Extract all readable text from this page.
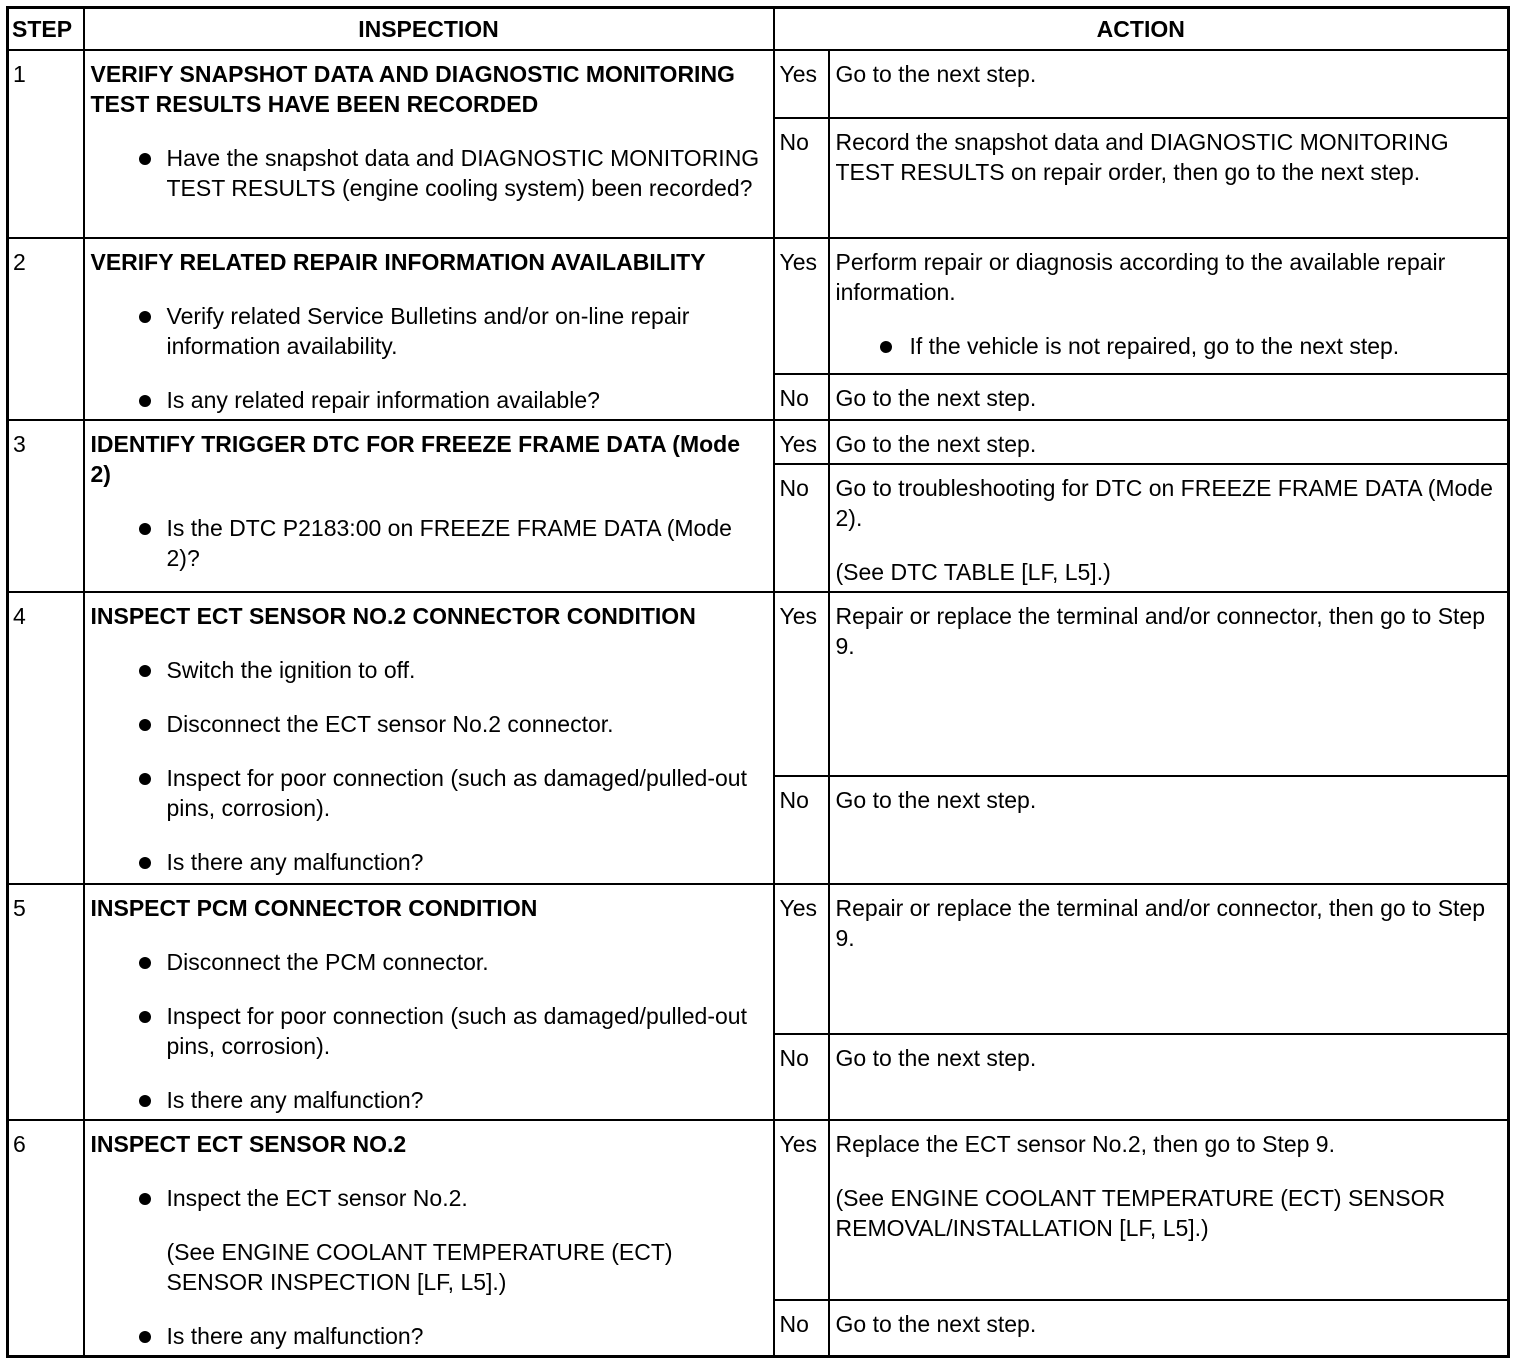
STEP	INSPECTION	ACTION	
1	VERIFY SNAPSHOT DATA AND DIAGNOSTIC MONITORING TEST RESULTS HAVE BEEN RECORDED
Have the snapshot data and DIAGNOSTIC MONITORING TEST RESULTS (engine cooling system) been recorded?	Yes	Go to the next step.
		No	Record the snapshot data and DIAGNOSTIC MONITORING TEST RESULTS on repair order, then go to the next step.
2	VERIFY RELATED REPAIR INFORMATION AVAILABILITY
Verify related Service Bulletins and/or on-line repair information availability.
Is any related repair information available?	Yes	Perform repair or diagnosis according to the available repair information.
If the vehicle is not repaired, go to the next step.

		No	Go to the next step.
3	IDENTIFY TRIGGER DTC FOR FREEZE FRAME DATA (Mode 2)
Is the DTC P2183:00 on FREEZE FRAME DATA (Mode 2)?	Yes	Go to the next step.
		No	Go to troubleshooting for DTC on FREEZE FRAME DATA (Mode 2).
(See DTC TABLE [LF, L5].)

4	INSPECT ECT SENSOR NO.2 CONNECTOR CONDITION
Switch the ignition to off.
Disconnect the ECT sensor No.2 connector.
Inspect for poor connection (such as damaged/pulled-out pins, corrosion).
Is there any malfunction?	Yes	Repair or replace the terminal and/or connector, then go to Step 9.
		No	Go to the next step.
5	INSPECT PCM CONNECTOR CONDITION
Disconnect the PCM connector.
Inspect for poor connection (such as damaged/pulled-out pins, corrosion).
Is there any malfunction?	Yes	Repair or replace the terminal and/or connector, then go to Step 9.
		No	Go to the next step.
6	INSPECT ECT SENSOR NO.2
Inspect the ECT sensor No.2.
(See ENGINE COOLANT TEMPERATURE (ECT) SENSOR INSPECTION [LF, L5].)
Is there any malfunction?	Yes	Replace the ECT sensor No.2, then go to Step 9.
(See ENGINE COOLANT TEMPERATURE (ECT) SENSOR REMOVAL/INSTALLATION [LF, L5].)

		No	Go to the next step.
